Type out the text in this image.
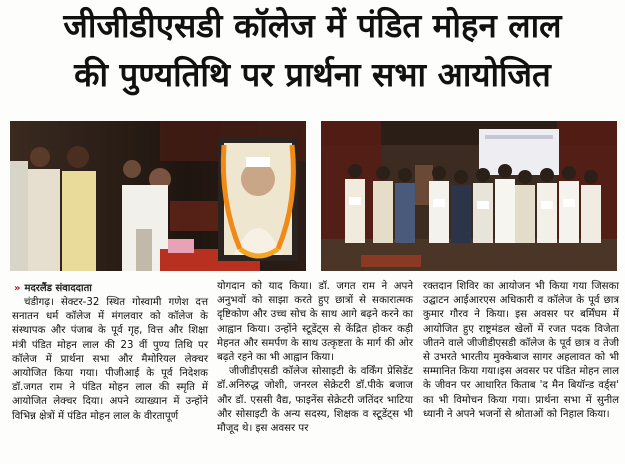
जीजीडीएसडी कॉलेज में पंडित मोहन लाल
की पुण्यतिथि पर प्रार्थना सभा आयोजित
» मदरलैंड संवाददाता

चंडीगढ़। सेक्टर-32 स्थित गोस्वामी गणेश दत्त सनातन धर्म कॉलेज में मंगलवार को कॉलेज के संस्थापक और पंजाब के पूर्व गृह, वित्त और शिक्षा मंत्री पंडित मोहन लाल की 23 वीं पुण्य तिथि पर कॉलेज में प्रार्थना सभा और मैमोरियल लेक्चर आयोजित किया गया। पीजीआई के पूर्व निदेशक डॉ.जगत राम ने पंडित मोहन लाल की स्मृति में आयोजित लेक्चर दिया। अपने व्याख्यान में उन्होंने विभिन्न क्षेत्रों में पंडित मोहन लाल के वीरतापूर्ण

योगदान को याद किया। डॉ. जगत राम ने अपने अनुभवों को साझा करते हुए छात्रों से सकारात्मक दृष्टिकोण और उच्च सोच के साथ आगे बढ़ने करने का आह्वान किया। उन्होंने स्टूडेंट्स से केंद्रित होकर कड़ी मेहनत और समर्पण के साथ उत्कृष्टता के मार्ग की ओर बढ़ते रहने का भी आह्वान किया।

जीजीडीएसडी कॉलेज सोसाइटी के वर्किंग प्रेसिडेंट डॉ.अनिरुद्ध जोशी, जनरल सेक्रेटरी डॉ.पीके बजाज और डॉ. एससी वैद्य, फाइनेंस सेक्रेटरी जतिंदर भाटिया और सोसाइटी के अन्य सदस्य, शिक्षक व स्टूडेंट्स भी मौजूद थे। इस अवसर पर

रक्तदान शिविर का आयोजन भी किया गया जिसका उद्घाटन आईआरएस अधिकारी व कॉलेज के पूर्व छात्र कुमार गौरव ने किया। इस अवसर पर बर्मिंघम में आयोजित हुए राष्ट्रमंडल खेलों में रजत पदक विजेता जीतने वाले जीजीडीएसडी कॉलेज के पूर्व छात्र व तेजी से उभरते भारतीय मुक्केबाज सागर अहलावत को भी सम्मानित किया गया।इस अवसर पर पंडित मोहन लाल के जीवन पर आधारित किताब 'द मैन बियॉन्ड वर्ड्स' का भी विमोचन किया गया। प्रार्थना सभा में सुनील ध्यानी ने अपने भजनों से श्रोताओं को निहाल किया।
